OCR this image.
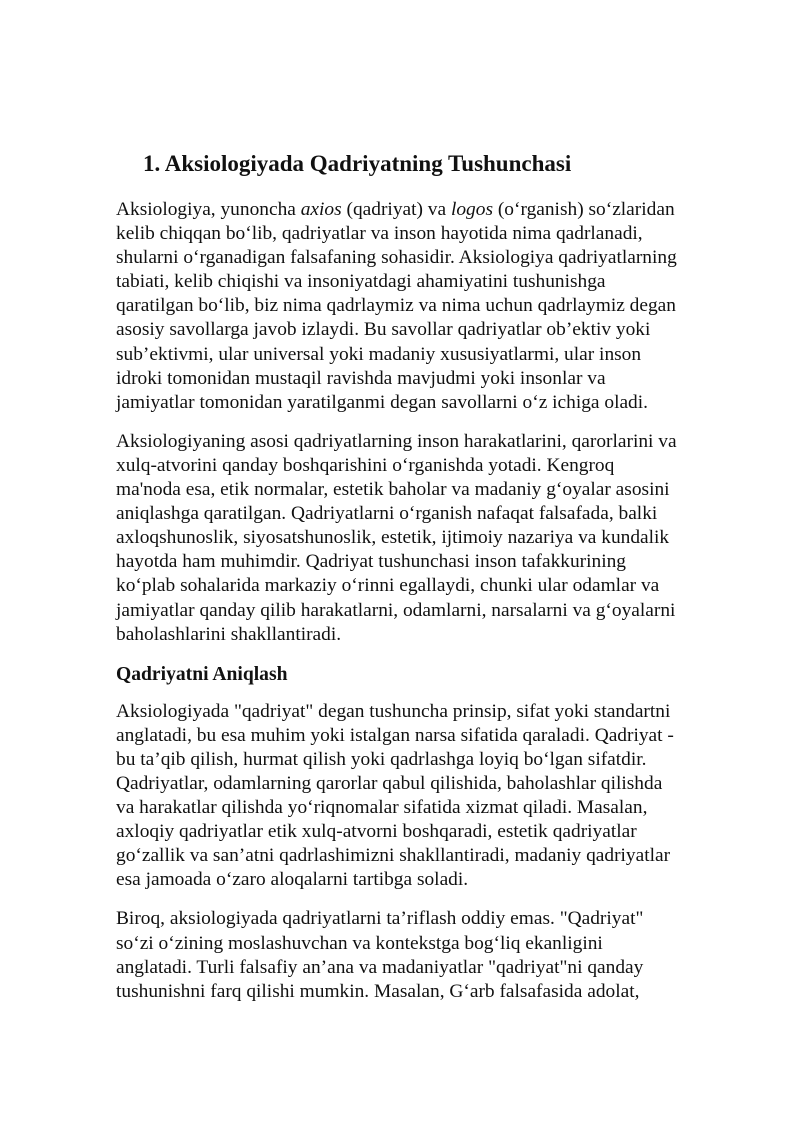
1. Aksiologiyada Qadriyatning Tushunchasi
Aksiologiya, yunoncha axios (qadriyat) va logos (o‘rganish) so‘zlaridan
kelib chiqqan bo‘lib, qadriyatlar va inson hayotida nima qadrlanadi,
shularni o‘rganadigan falsafaning sohasidir. Aksiologiya qadriyatlarning
tabiati, kelib chiqishi va insoniyatdagi ahamiyatini tushunishga
qaratilgan bo‘lib, biz nima qadrlaymiz va nima uchun qadrlaymiz degan
asosiy savollarga javob izlaydi. Bu savollar qadriyatlar ob’ektiv yoki
sub’ektivmi, ular universal yoki madaniy xususiyatlarmi, ular inson
idroki tomonidan mustaqil ravishda mavjudmi yoki insonlar va
jamiyatlar tomonidan yaratilganmi degan savollarni o‘z ichiga oladi.
Aksiologiyaning asosi qadriyatlarning inson harakatlarini, qarorlarini va
xulq-atvorini qanday boshqarishini o‘rganishda yotadi. Kengroq
ma'noda esa, etik normalar, estetik baholar va madaniy g‘oyalar asosini
aniqlashga qaratilgan. Qadriyatlarni o‘rganish nafaqat falsafada, balki
axloqshunoslik, siyosatshunoslik, estetik, ijtimoiy nazariya va kundalik
hayotda ham muhimdir. Qadriyat tushunchasi inson tafakkurining
ko‘plab sohalarida markaziy o‘rinni egallaydi, chunki ular odamlar va
jamiyatlar qanday qilib harakatlarni, odamlarni, narsalarni va g‘oyalarni
baholashlarini shakllantiradi.
Qadriyatni Aniqlash
Aksiologiyada "qadriyat" degan tushuncha prinsip, sifat yoki standartni
anglatadi, bu esa muhim yoki istalgan narsa sifatida qaraladi. Qadriyat -
bu ta’qib qilish, hurmat qilish yoki qadrlashga loyiq bo‘lgan sifatdir.
Qadriyatlar, odamlarning qarorlar qabul qilishida, baholashlar qilishda
va harakatlar qilishda yo‘riqnomalar sifatida xizmat qiladi. Masalan,
axloqiy qadriyatlar etik xulq-atvorni boshqaradi, estetik qadriyatlar
go‘zallik va san’atni qadrlashimizni shakllantiradi, madaniy qadriyatlar
esa jamoada o‘zaro aloqalarni tartibga soladi.
Biroq, aksiologiyada qadriyatlarni ta’riflash oddiy emas. "Qadriyat"
so‘zi o‘zining moslashuvchan va kontekstga bog‘liq ekanligini
anglatadi. Turli falsafiy an’ana va madaniyatlar "qadriyat"ni qanday
tushunishni farq qilishi mumkin. Masalan, G‘arb falsafasida adolat,
